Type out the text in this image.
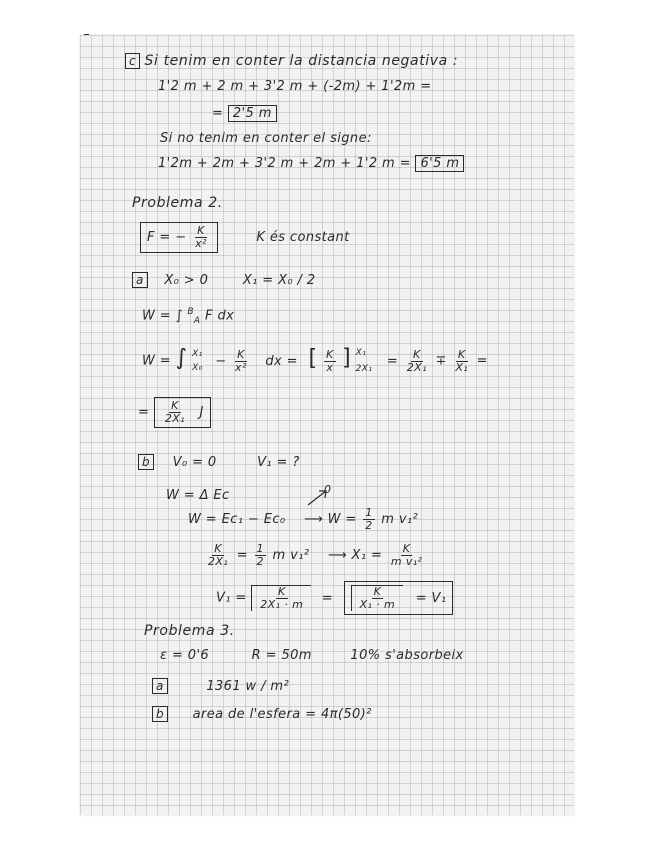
c Si tenim en conter la distancia negativa :
1'2 m + 2 m + 3'2 m + (-2m) + 1'2m =
= 2'5 m
Si no tenim en conter el signe:
1'2m + 2m + 3'2 m + 2m + 1'2 m = 6'5 m
Problema 2.
F = − $\frac{K}{\text{x²}}$	K és constant
a X₀ > 0	X₁ = X₀ / 2
W = ∫ $^B_A$ F dx
W = ∫ X₁
$X_0 - \frac{K}{\text{x²}}$ dx = [ $\frac{K}{x}$ ] X₁
2X₁
= $\frac{K}{\text{2X₁}} \mp \frac{K}{\text{X₁}}$ =
= $\frac{K}{\text{2X₁}}$ J
b V₀ = 0	V₁ = ?
W = Δ Ec	0
W = Ec₁ − Ec₀ ⟶ $W = \frac{1}{2}$ m v₁²
$\frac{K}{\text{2X₁}} = \frac{1}{2}$ m v₁² ⟶ $X_1 = \frac{K}{\text{m v₁²}}$
$V_1 = \frac{K}{\text{2X₁ · m}} = \frac{K}{\text{X₁ · m}} = V_1$
Problema 3.
ε = 0'6	R = 50m	10% s'absorbeix
a	1361 w / m²
b area de l'esfera = 4π(50)²
